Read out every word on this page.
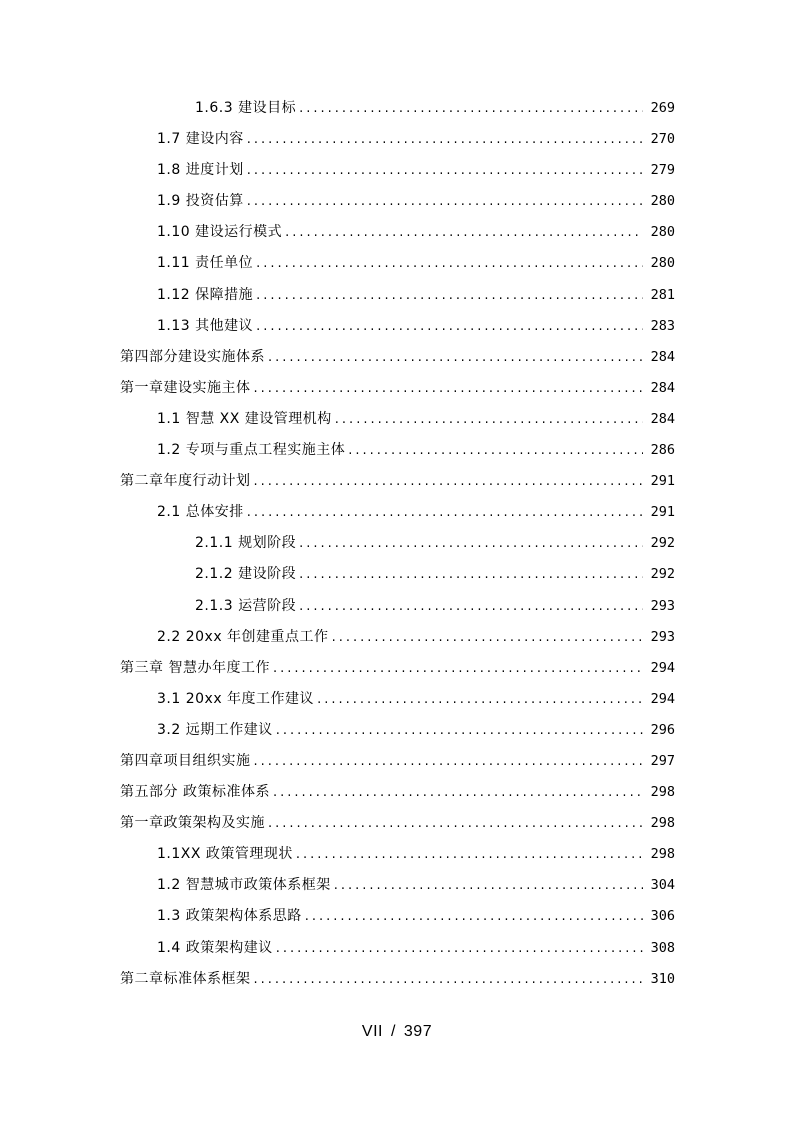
1.6.3 建设目标 .....	269
1.7 建设内容 .....	270
1.8 进度计划 .....	279
1.9 投资估算 .....	280
1.10 建设运行模式 .....	280
1.11 责任单位 .....	280
1.12 保障措施 .....	281
1.13 其他建议 .....	283
第四部分建设实施体系 .....	284
第一章建设实施主体 .....	284
1.1 智慧 XX 建设管理机构 .....	284
1.2 专项与重点工程实施主体 .....	286
第二章年度行动计划 .....	291
2.1 总体安排 .....	291
2.1.1 规划阶段 .....	292
2.1.2 建设阶段 .....	292
2.1.3 运营阶段 .....	293
2.2 20xx 年创建重点工作 .....	293
第三章 智慧办年度工作 .....	294
3.1 20xx 年度工作建议 .....	294
3.2 远期工作建议 .....	296
第四章项目组织实施 .....	297
第五部分 政策标准体系 .....	298
第一章政策架构及实施 .....	298
1.1XX 政策管理现状 .....	298
1.2 智慧城市政策体系框架 .....	304
1.3 政策架构体系思路 .....	306
1.4 政策架构建议 .....	308
第二章标准体系框架 .....	310
VII / 397
